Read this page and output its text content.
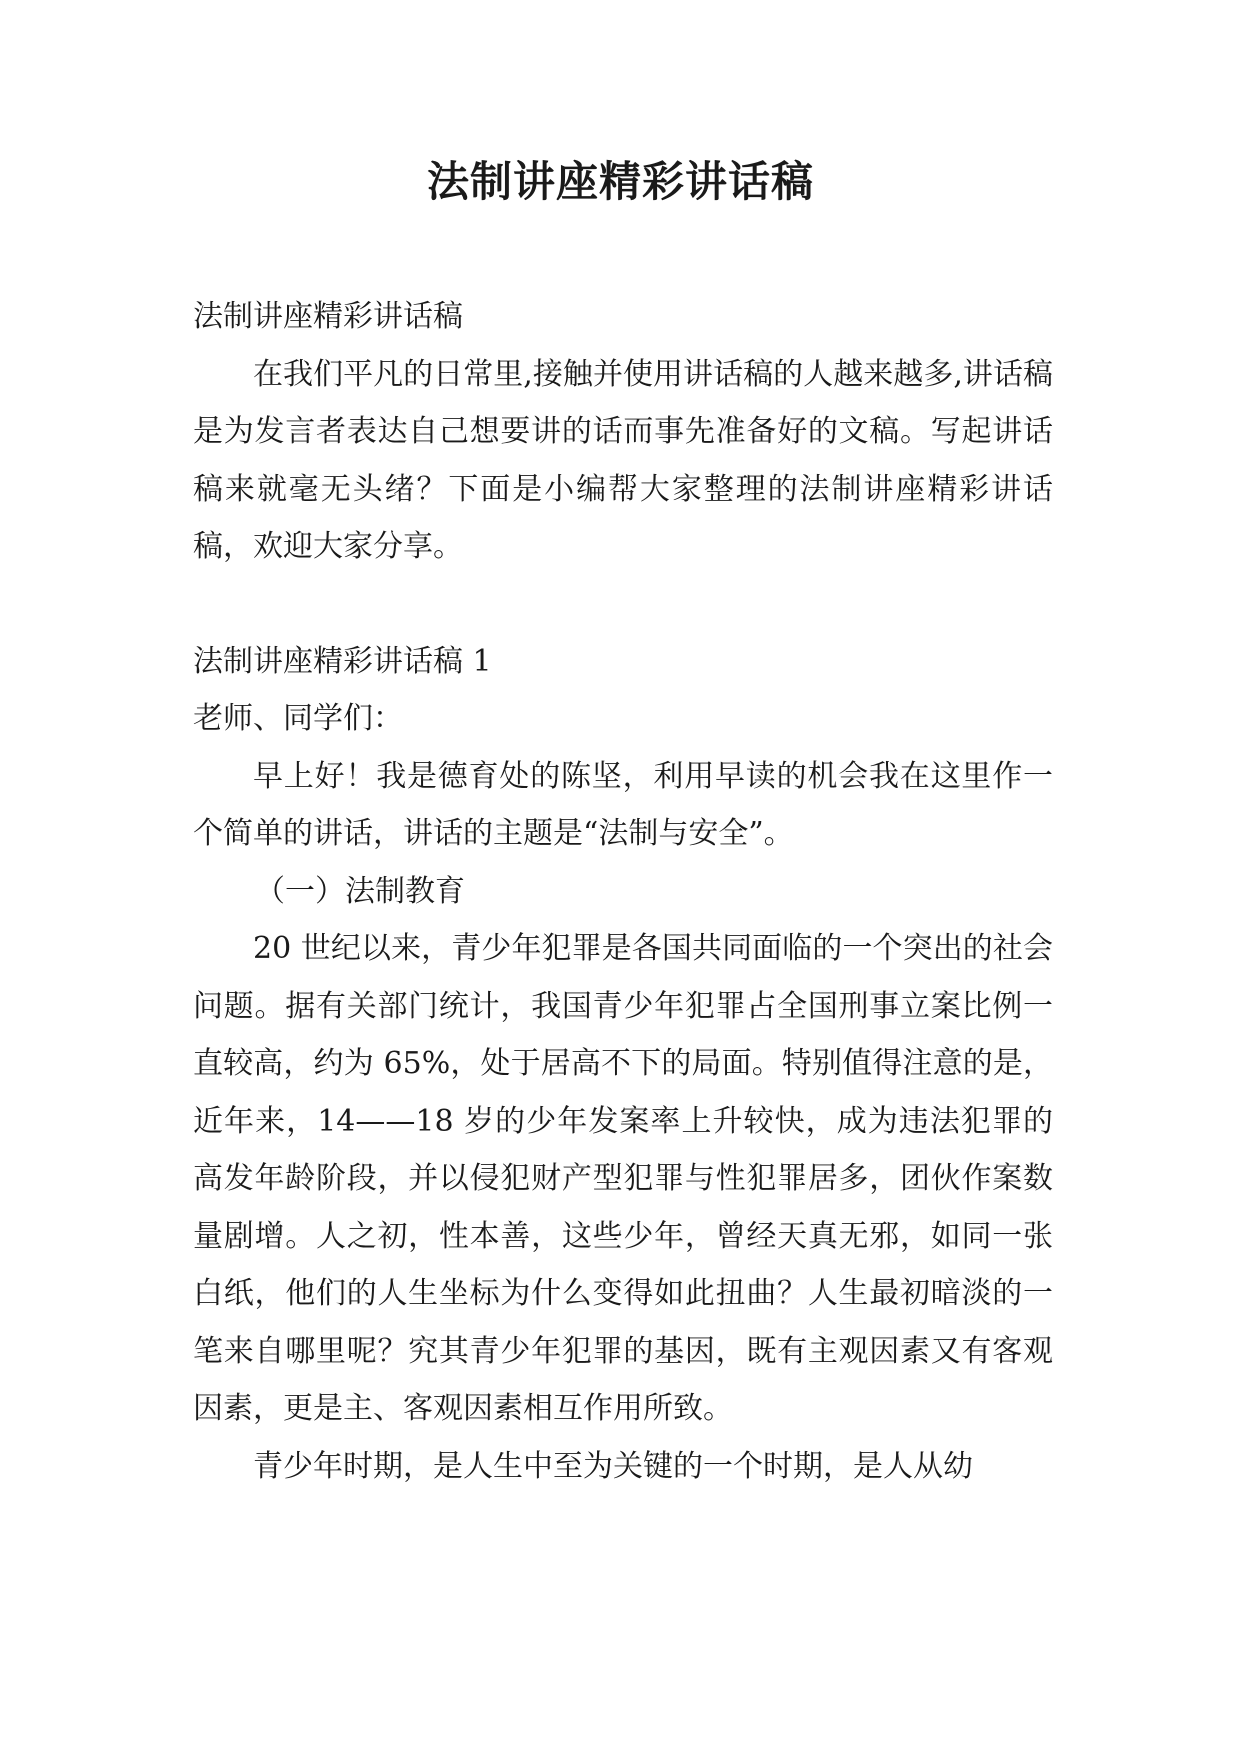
法制讲座精彩讲话稿

法制讲座精彩讲话稿

在我们平凡的日常里,接触并使用讲话稿的人越来越多,讲话稿是为发言者表达自己想要讲的话而事先准备好的文稿。写起讲话稿来就毫无头绪？下面是小编帮大家整理的法制讲座精彩讲话稿，欢迎大家分享。

法制讲座精彩讲话稿 1

老师、同学们：

早上好！我是德育处的陈坚，利用早读的机会我在这里作一个简单的讲话，讲话的主题是“法制与安全”。

（一）法制教育

20 世纪以来，青少年犯罪是各国共同面临的一个突出的社会问题。据有关部门统计，我国青少年犯罪占全国刑事立案比例一直较高，约为 65%，处于居高不下的局面。特别值得注意的是，近年来，14——18 岁的少年发案率上升较快，成为违法犯罪的高发年龄阶段，并以侵犯财产型犯罪与性犯罪居多，团伙作案数量剧增。人之初，性本善，这些少年，曾经天真无邪，如同一张白纸，他们的人生坐标为什么变得如此扭曲？人生最初暗淡的一笔来自哪里呢？究其青少年犯罪的基因，既有主观因素又有客观因素，更是主、客观因素相互作用所致。

青少年时期，是人生中至为关键的一个时期，是人从幼
